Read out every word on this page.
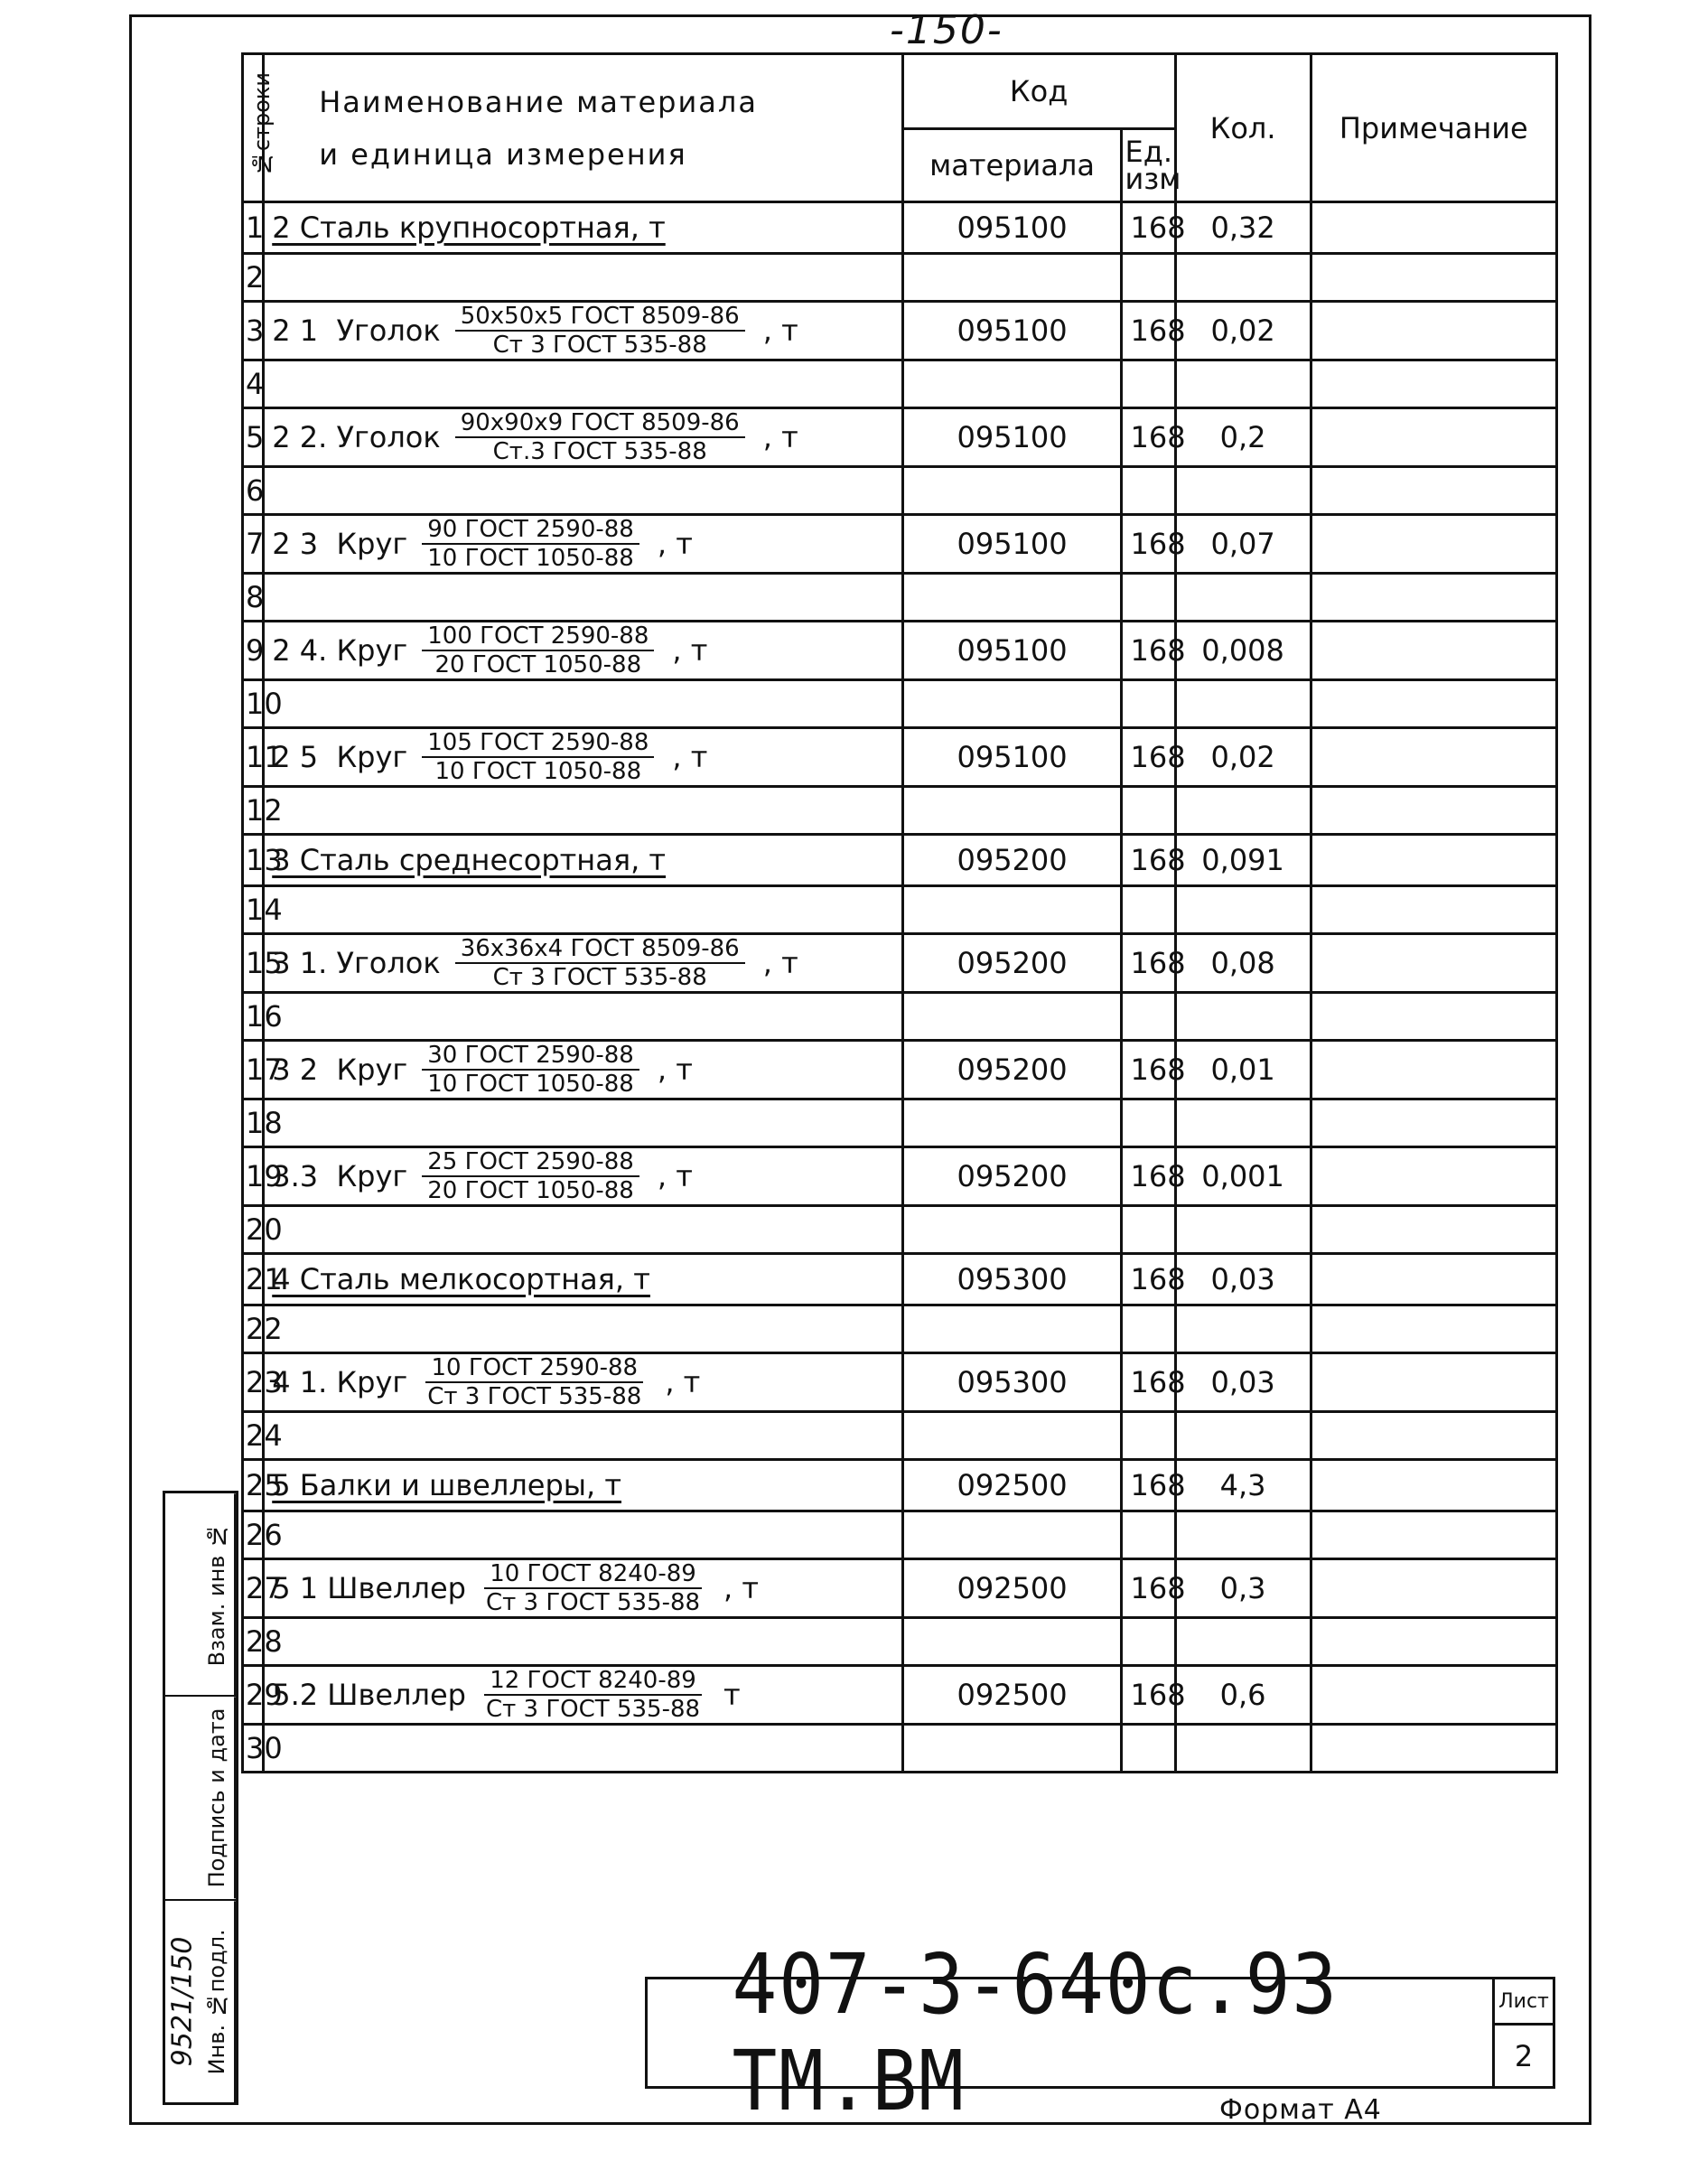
-150-
№строки	Наименование материала
и единица измерения	Код		Кол.	Примечание
		материала	Ед. изм		
1	2 Сталь крупносортная, т	095100	168	0,32	
2					
3	2 1  Уголок $\frac{\text{50x50x5 ГОСТ 8509-86}}{\text{Ст 3 ГОСТ 535-88}}$ , т	095100	168	0,02	
4					
5	2 2. Уголок $\frac{\text{90х90х9 ГОСТ 8509-86}}{\text{Ст.3 ГОСТ 535-88}}$ , т	095100	168	0,2	
6					
7	2 3  Круг $\frac{\text{90 ГОСТ 2590-88}}{\text{10 ГОСТ 1050-88}}$ , т	095100	168	0,07	
8					
9	2 4. Круг $\frac{\text{100 ГОСТ 2590-88}}{\text{20 ГОСТ 1050-88}}$ , т	095100	168	0,008	
10					
11	2 5  Круг $\frac{\text{105 ГОСТ 2590-88}}{\text{10 ГОСТ 1050-88}}$ , т	095100	168	0,02	
12					
13	3 Сталь среднесортная, т	095200	168	0,091	
14					
15	3 1. Уголок $\frac{\text{36х36х4 ГОСТ 8509-86}}{\text{Ст 3 ГОСТ 535-88}}$ , т	095200	168	0,08	
16					
17	3 2  Круг $\frac{\text{30 ГОСТ 2590-88}}{\text{10 ГОСТ 1050-88}}$ , т	095200	168	0,01	
18					
19	3.3  Круг $\frac{\text{25 ГОСТ 2590-88}}{\text{20 ГОСТ 1050-88}}$ , т	095200	168	0,001	
20					
21	4 Сталь мелкосортная, т	095300	168	0,03	
22					
23	4 1. Круг $\frac{\text{10 ГОСТ 2590-88}}{\text{Ст 3 ГОСТ 535-88}}$ , т	095300	168	0,03	
24					
25	5 Балки и швеллеры, т	092500	168	4,3	
26					
27	5 1 Швеллер $\frac{\text{10 ГОСТ 8240-89}}{\text{Ст 3 ГОСТ 535-88}}$ , т	092500	168	0,3	
28					
29	5.2 Швеллер $\frac{\text{12 ГОСТ 8240-89}}{\text{Ст 3 ГОСТ 535-88}}$ т	092500	168	0,6	
30					
Взам. инв №
Подпись и дата
9521/150 Инв. №подл.	407-3-640с.93 ТМ.ВМ
Лист
2
Формат А4
